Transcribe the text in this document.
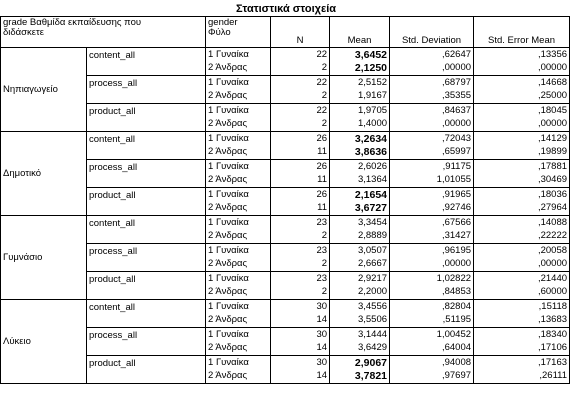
Στατιστικά στοιχεία
grade Βαθμίδα εκπαίδευσης που
διδάσκετε		gender
Φύλο	N	Mean	Std. Deviation	Std. Error Mean
Νηπιαγωγείο	content_all	1 Γυναίκα	22	3,6452	,62647	,13356
		2 Άνδρας	2	2,1250	,00000	,00000
	process_all	1 Γυναίκα	22	2,5152	,68797	,14668
		2 Άνδρας	2	1,9167	,35355	,25000
	product_all	1 Γυναίκα	22	1,9705	,84637	,18045
		2 Άνδρας	2	1,4000	,00000	,00000
Δημοτικό	content_all	1 Γυναίκα	26	3,2634	,72043	,14129
		2 Άνδρας	11	3,8636	,65997	,19899
	process_all	1 Γυναίκα	26	2,6026	,91175	,17881
		2 Άνδρας	11	3,1364	1,01055	,30469
	product_all	1 Γυναίκα	26	2,1654	,91965	,18036
		2 Άνδρας	11	3,6727	,92746	,27964
Γυμνάσιο	content_all	1 Γυναίκα	23	3,3454	,67566	,14088
		2 Άνδρας	2	2,8889	,31427	,22222
	process_all	1 Γυναίκα	23	3,0507	,96195	,20058
		2 Άνδρας	2	2,6667	,00000	,00000
	product_all	1 Γυναίκα	23	2,9217	1,02822	,21440
		2 Άνδρας	2	2,2000	,84853	,60000
Λύκειο	content_all	1 Γυναίκα	30	3,4556	,82804	,15118
		2 Άνδρας	14	3,5506	,51195	,13683
	process_all	1 Γυναίκα	30	3,1444	1,00452	,18340
		2 Άνδρας	14	3,6429	,64004	,17106
	product_all	1 Γυναίκα	30	2,9067	,94008	,17163
		2 Άνδρας	14	3,7821	,97697	,26111
